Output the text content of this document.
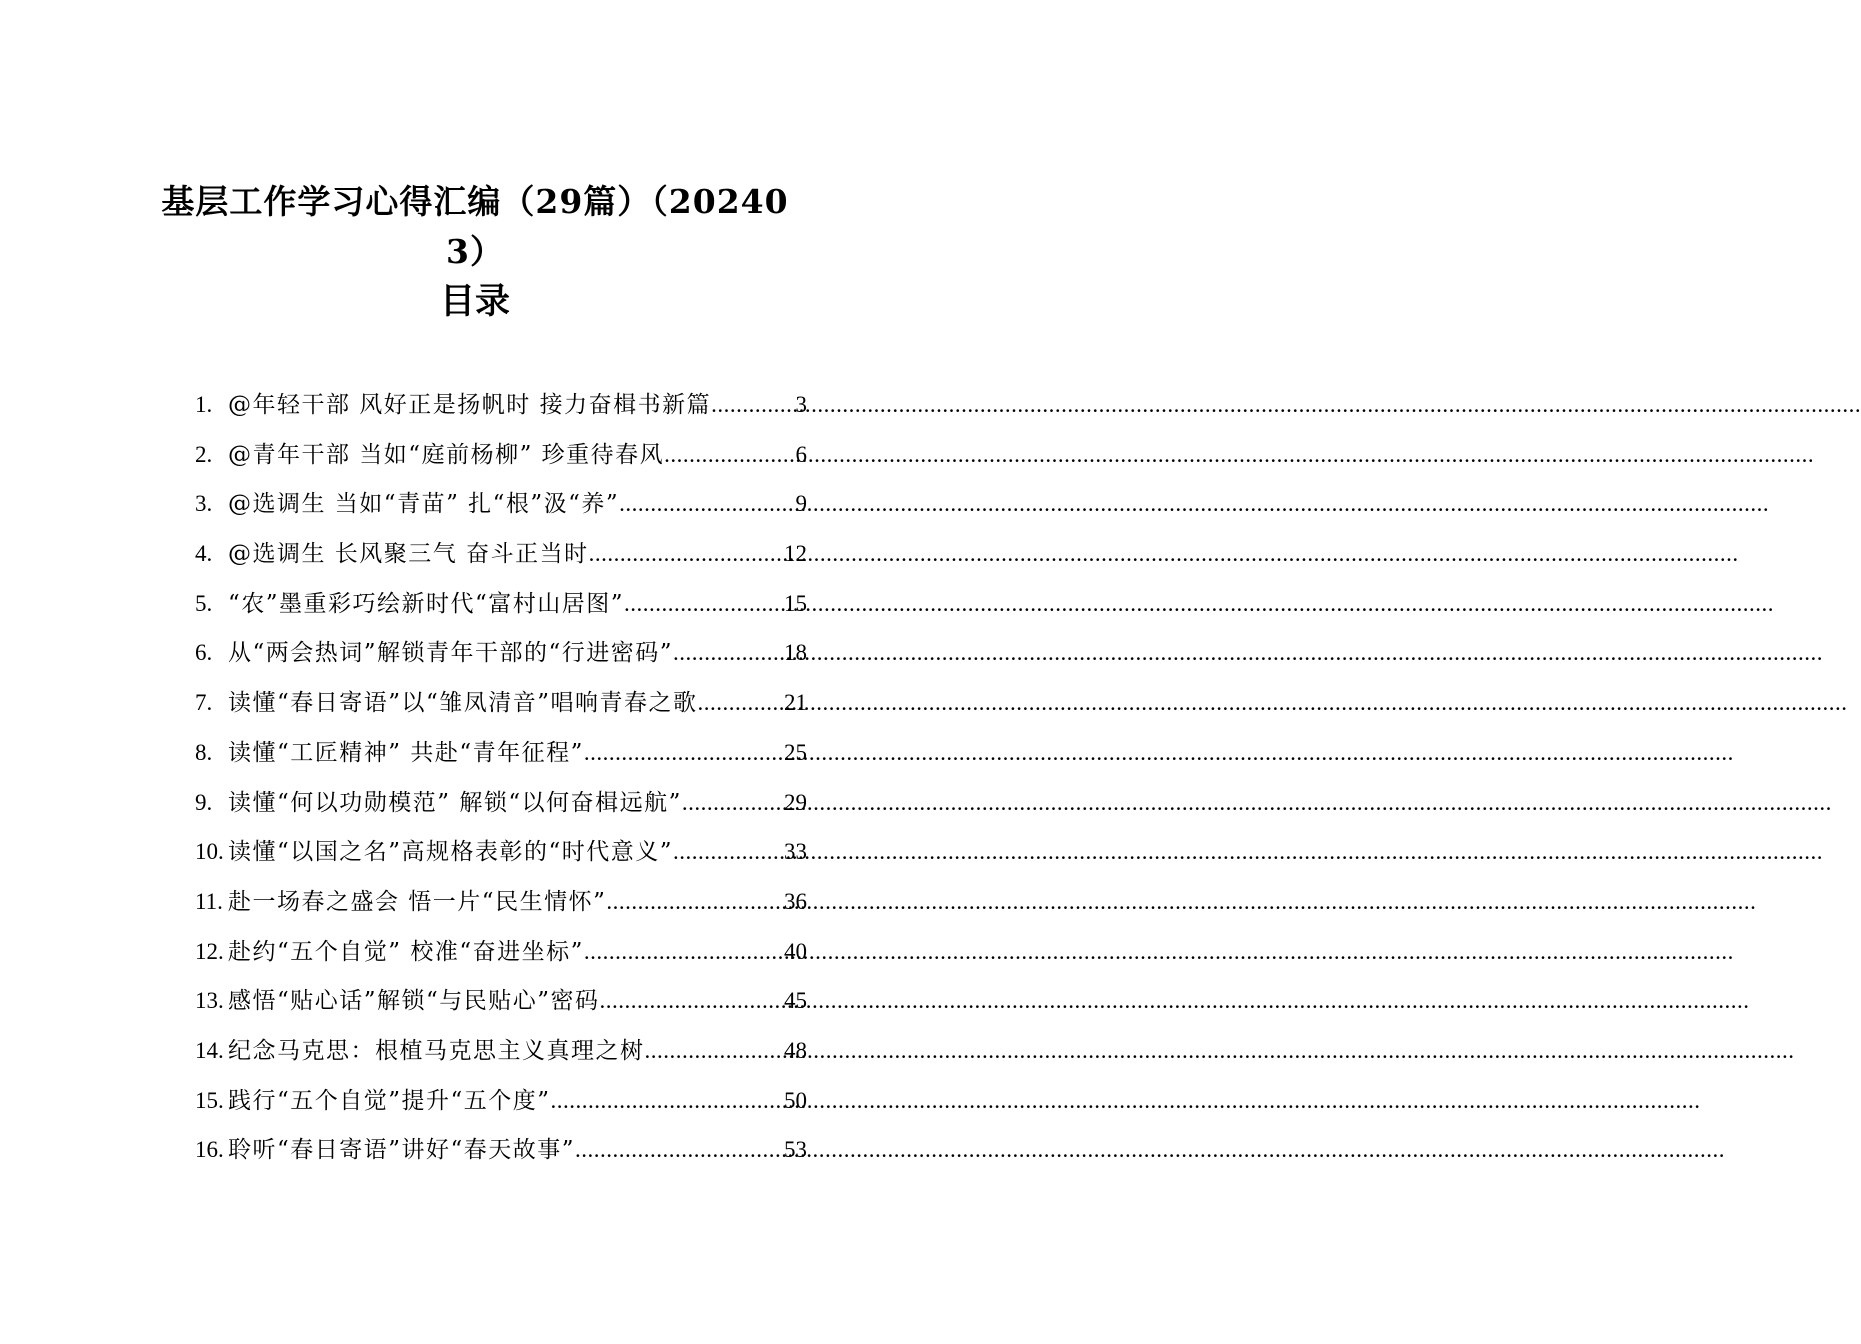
基层工作学习心得汇编（29篇）（20240
3）
目录
1. @年轻干部 风好正是扬帆时 接力奋楫书新篇 .....	3
2. @青年干部 当如“庭前杨柳” 珍重待春风 .....	6
3. @选调生 当如“青苗” 扎“根”汲“养” .....	9
4. @选调生 长风聚三气 奋斗正当时 .....	12
5. “农”墨重彩巧绘新时代“富村山居图” .....	15
6. 从“两会热词”解锁青年干部的“行进密码” .....	18
7. 读懂“春日寄语”以“雏凤清音”唱响青春之歌 .....	21
8. 读懂“工匠精神” 共赴“青年征程” .....	25
9. 读懂“何以功勋模范” 解锁“以何奋楫远航” .....	29
10. 读懂“以国之名”高规格表彰的“时代意义” .....	33
11. 赴一场春之盛会 悟一片“民生情怀” .....	36
12. 赴约“五个自觉” 校准“奋进坐标” .....	40
13. 感悟“贴心话”解锁“与民贴心”密码 .....	45
14. 纪念马克思：根植马克思主义真理之树 .....	48
15. 践行“五个自觉”提升“五个度” .....	50
16. 聆听“春日寄语”讲好“春天故事” .....	53
